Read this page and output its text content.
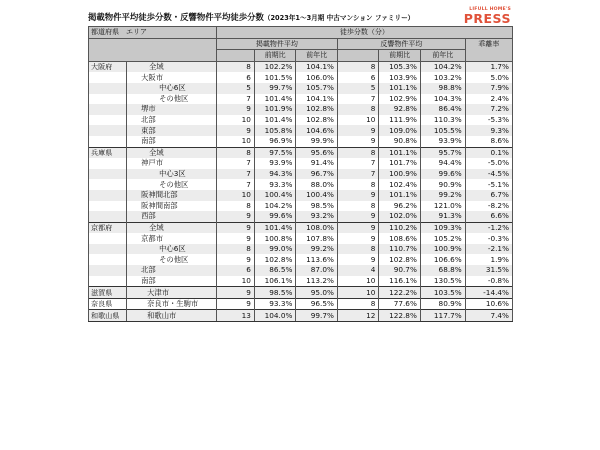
掲載物件平均徒歩分数・反響物件平均徒歩分数（2023年1〜3月期 中古マンション ファミリー）
LIFULL HOME'S
PRESS
都道府県　エリア		徒歩分数（分）						
		掲載物件平均			反響物件平均			乖離率
			前期比	前年比		前期比	前年比	
大阪府	全域	8	102.2%	104.1%	8	105.3%	104.2%	1.7%
	大阪市	6	101.5%	106.0%	6	103.9%	103.2%	5.0%
	中心6区	5	99.7%	105.7%	5	101.1%	98.8%	7.9%
	その他区	7	101.4%	104.1%	7	102.9%	104.3%	2.4%
	堺市	9	101.9%	102.8%	8	92.8%	86.4%	7.2%
	北部	10	101.4%	102.8%	10	111.9%	110.3%	-5.3%
	東部	9	105.8%	104.6%	9	109.0%	105.5%	9.3%
	南部	10	96.9%	99.9%	9	90.8%	93.9%	8.6%
兵庫県	全域	8	97.5%	95.6%	8	101.1%	95.7%	0.1%
	神戸市	7	93.9%	91.4%	7	101.7%	94.4%	-5.0%
	中心3区	7	94.3%	96.7%	7	100.9%	99.6%	-4.5%
	その他区	7	93.3%	88.0%	8	102.4%	90.9%	-5.1%
	阪神間北部	10	100.4%	100.4%	9	101.1%	99.2%	6.7%
	阪神間南部	8	104.2%	98.5%	8	96.2%	121.0%	-8.2%
	西部	9	99.6%	93.2%	9	102.0%	91.3%	6.6%
京都府	全域	9	101.4%	108.0%	9	110.2%	109.3%	-1.2%
	京都市	9	100.8%	107.8%	9	108.6%	105.2%	-0.3%
	中心6区	8	99.0%	99.2%	8	110.7%	100.9%	-2.1%
	その他区	9	102.8%	113.6%	9	102.8%	106.6%	1.9%
	北部	6	86.5%	87.0%	4	90.7%	68.8%	31.5%
	南部	10	106.1%	113.2%	10	116.1%	130.5%	-0.8%
滋賀県	大津市	9	98.5%	95.0%	10	122.2%	103.5%	-14.4%
奈良県	奈良市・生駒市	9	93.3%	96.5%	8	77.6%	80.9%	10.6%
和歌山県	和歌山市	13	104.0%	99.7%	12	122.8%	117.7%	7.4%
